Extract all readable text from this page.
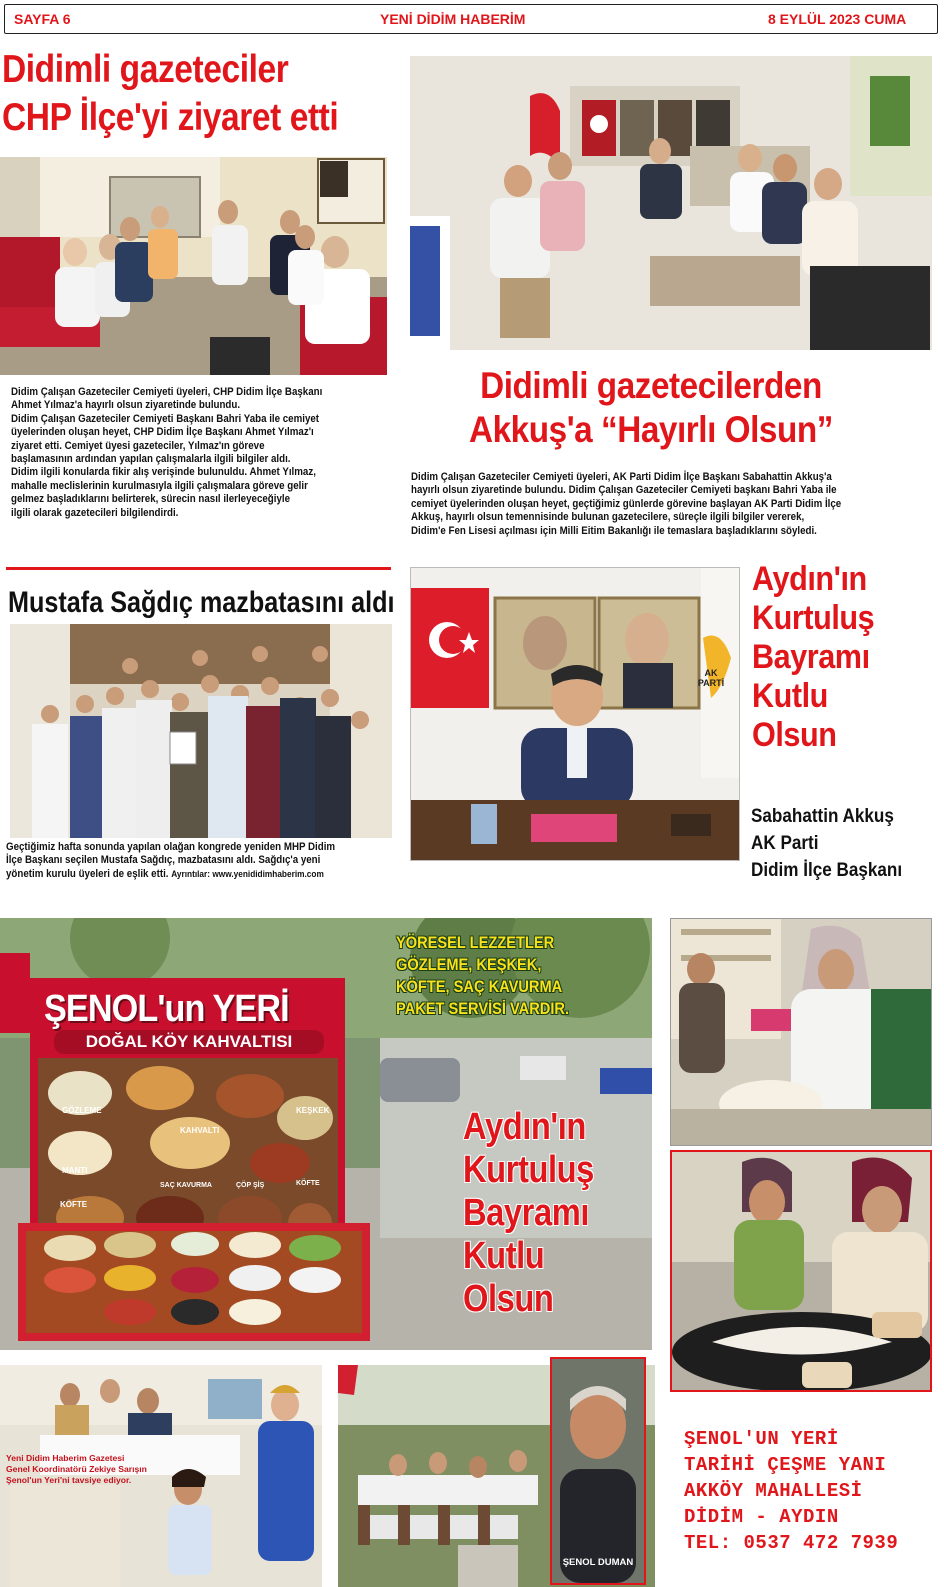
SAYFA 6	YENİ DİDİM HABERİM	8 EYLÜL 2023 CUMA
Didimli gazeteciler
CHP İlçe'yi ziyaret etti
Didim Çalışan Gazeteciler Cemiyeti üyeleri, CHP Didim İlçe Başkanı
Ahmet Yılmaz'a hayırlı olsun ziyaretinde bulundu.
Didim Çalışan Gazeteciler Cemiyeti Başkanı Bahri Yaba ile cemiyet
üyelerinden oluşan heyet, CHP Didim İlçe Başkanı Ahmet Yılmaz'ı
ziyaret etti. Cemiyet üyesi gazeteciler, Yılmaz'ın göreve
başlamasının ardından yapılan çalışmalarla ilgili bilgiler aldı.
Didim ilgili konularda fikir alış verişinde bulunuldu. Ahmet Yılmaz,
mahalle meclislerinin kurulmasıyla ilgili çalışmalara göreve gelir
gelmez başladıklarını belirterek, sürecin nasıl ilerleyeceğiyle
ilgili olarak gazetecileri bilgilendirdi.
Didimli gazetecilerden
Akkuş'a “Hayırlı Olsun”
Didim Çalışan Gazeteciler Cemiyeti üyeleri, AK Parti Didim İlçe Başkanı Sabahattin Akkuş'a
hayırlı olsun ziyaretinde bulundu. Didim Çalışan Gazeteciler Cemiyeti başkanı Bahri Yaba ile
cemiyet üyelerinden oluşan heyet, geçtiğimiz günlerde görevine başlayan AK Parti Didim İlçe
Akkuş, hayırlı olsun temennisinde bulunan gazetecilere, süreçle ilgili bilgiler vererek,
Didim'e Fen Lisesi açılması için Milli Eitim Bakanlığı ile temaslara başladıklarını söyledi.
Mustafa Sağdıç mazbatasını aldı
Geçtiğimiz hafta sonunda yapılan olağan kongrede yeniden MHP Didim
İlçe Başkanı seçilen Mustafa Sağdıç, mazbatasını aldı. Sağdıç'a yeni
yönetim kurulu üyeleri de eşlik etti. Ayrıntılar: www.yenididimhaberim.com
AK PARTİ
Aydın'ın
Kurtuluş
Bayramı
Kutlu
Olsun
Sabahattin Akkuş
AK Parti
Didim İlçe Başkanı
ŞENOL'un YERİ
DOĞAL KÖY KAHVALTISI
GÖZLEME
MANTI
KAHVALTI
KEŞKEK
SAÇ KAVURMA	ÇÖP ŞİŞ
KÖFTE
KÖFTE
YÖRESEL LEZZETLER
GÖZLEME, KEŞKEK,
KÖFTE, SAÇ KAVURMA
PAKET SERVİSİ VARDIR.
Aydın'ın
Kurtuluş
Bayramı
Kutlu
Olsun
Yeni Didim Haberim Gazetesi
Genel Koordinatörü Zekiye Sarışın
Şenol'un Yeri'ni tavsiye ediyor.
ŞENOL DUMAN
ŞENOL'UN YERİ
TARİHİ ÇEŞME YANI
AKKÖY MAHALLESİ
DİDİM - AYDIN
TEL: 0537 472 7939
